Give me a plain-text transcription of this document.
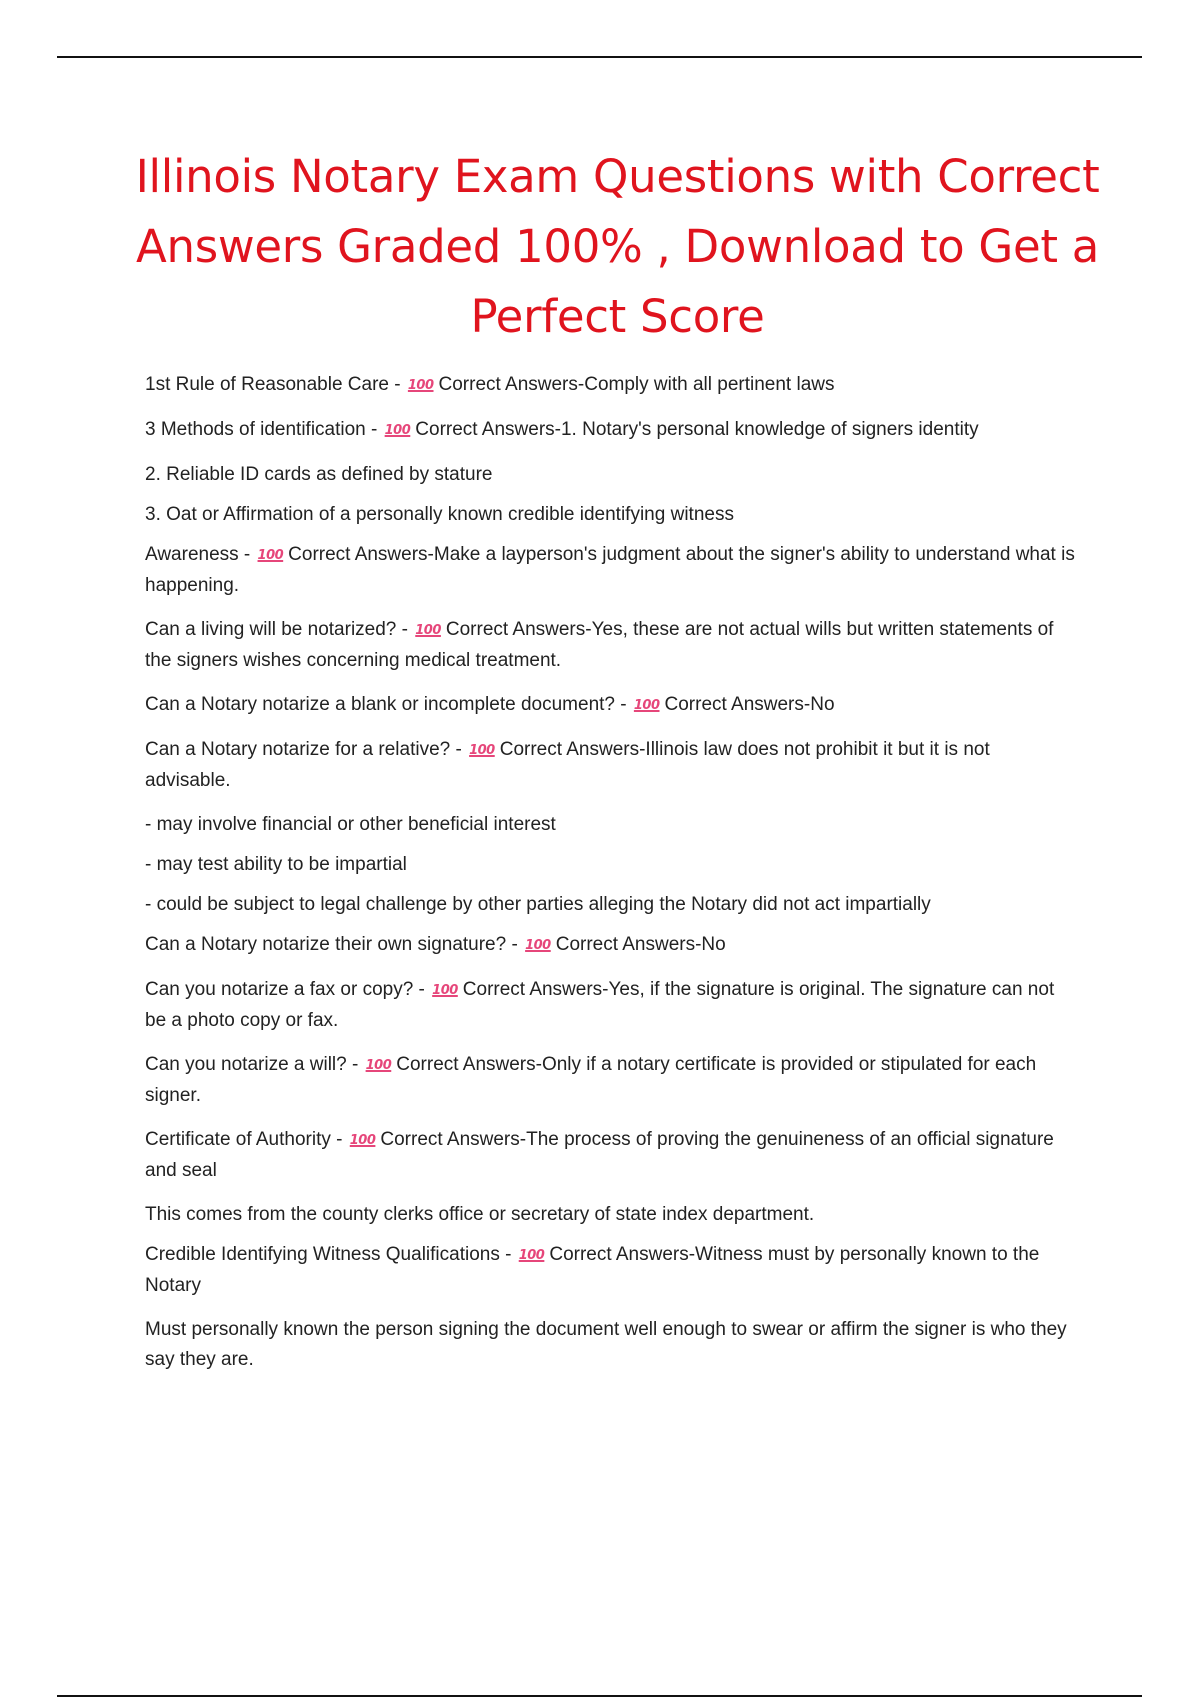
Illinois Notary Exam Questions with Correct Answers Graded 100% , Download to Get a Perfect Score

1st Rule of Reasonable Care - 100 Correct Answers-Comply with all pertinent laws

3 Methods of identification - 100 Correct Answers-1. Notary's personal knowledge of signers identity

2. Reliable ID cards as defined by stature

3. Oat or Affirmation of a personally known credible identifying witness

Awareness - 100 Correct Answers-Make a layperson's judgment about the signer's ability to understand what is happening.

Can a living will be notarized? - 100 Correct Answers-Yes, these are not actual wills but written statements of the signers wishes concerning medical treatment.

Can a Notary notarize a blank or incomplete document? - 100 Correct Answers-No

Can a Notary notarize for a relative? - 100 Correct Answers-Illinois law does not prohibit it but it is not advisable.

- may involve financial or other beneficial interest

- may test ability to be impartial

- could be subject to legal challenge by other parties alleging the Notary did not act impartially

Can a Notary notarize their own signature? - 100 Correct Answers-No

Can you notarize a fax or copy? - 100 Correct Answers-Yes, if the signature is original. The signature can not be a photo copy or fax.

Can you notarize a will? - 100 Correct Answers-Only if a notary certificate is provided or stipulated for each signer.

Certificate of Authority - 100 Correct Answers-The process of proving the genuineness of an official signature and seal

This comes from the county clerks office or secretary of state index department.

Credible Identifying Witness Qualifications - 100 Correct Answers-Witness must by personally known to the Notary

Must personally known the person signing the document well enough to swear or affirm the signer is who they say they are.
